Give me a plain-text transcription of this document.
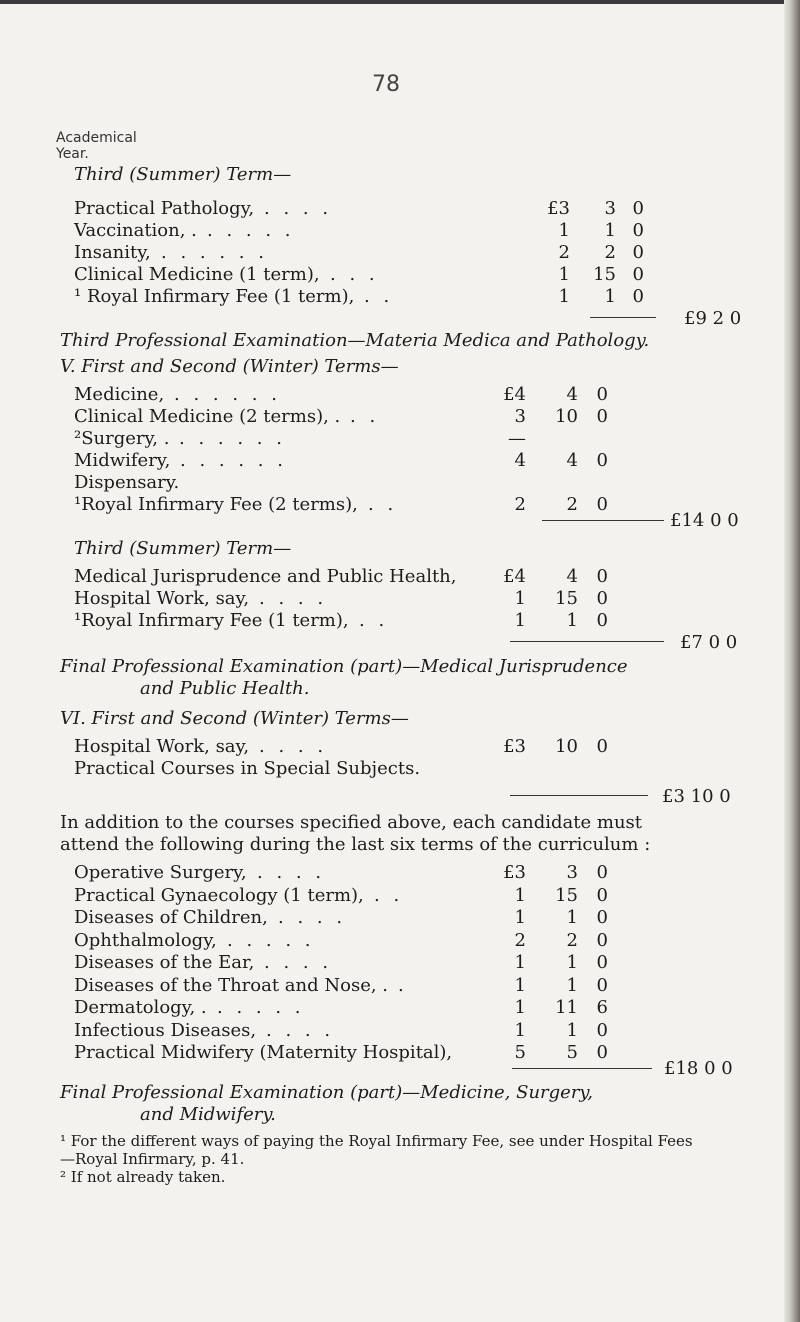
78
Academical
Year.
Third (Summer) Term—
Practical Pathology, . . . .	£3	3 0
Vaccination, . . . . . .	1	1 0
Insanity, . . . . . .	2	2 0
Clinical Medicine (1 term), . . .	1	15 0
¹ Royal Infirmary Fee (1 term), . .	1	1 0
£9 2 0
Third Professional Examination—Materia Medica and Pathology.
V. First and Second (Winter) Terms—
Medicine, . . . . . .	£4	4	0
Clinical Medicine (2 terms), . . .	3	10	0
²Surgery, . . . . . . .	—
Midwifery, . . . . . .	4	4	0
Dispensary.
¹Royal Infirmary Fee (2 terms), . .	2	2	0
£14 0 0
Third (Summer) Term—
Medical Jurisprudence and Public Health,	£4	4	0
Hospital Work, say, . . . .	1	15	0
¹Royal Infirmary Fee (1 term), . .	1	1	0
£7 0 0
Final Professional Examination (part)—Medical Jurisprudence
and Public Health.
VI. First and Second (Winter) Terms—
Hospital Work, say, . . . .	£3	10	0
Practical Courses in Special Subjects.
£3 10 0
In addition to the courses specified above, each candidate must
attend the following during the last six terms of the curriculum :
Operative Surgery, . . . .	£3	3	0
Practical Gynaecology (1 term), . .	1	15	0
Diseases of Children, . . . .	1	1	0
Ophthalmology, . . . . .	2	2	0
Diseases of the Ear, . . . .	1	1	0
Diseases of the Throat and Nose, . .	1	1	0
Dermatology, . . . . . .	1	11	6
Infectious Diseases, . . . .	1	1	0
Practical Midwifery (Maternity Hospital),	5	5	0
£18 0 0
Final Professional Examination (part)—Medicine, Surgery,
and Midwifery.
¹ For the different ways of paying the Royal Infirmary Fee, see under Hospital Fees
—Royal Infirmary, p. 41.
² If not already taken.
